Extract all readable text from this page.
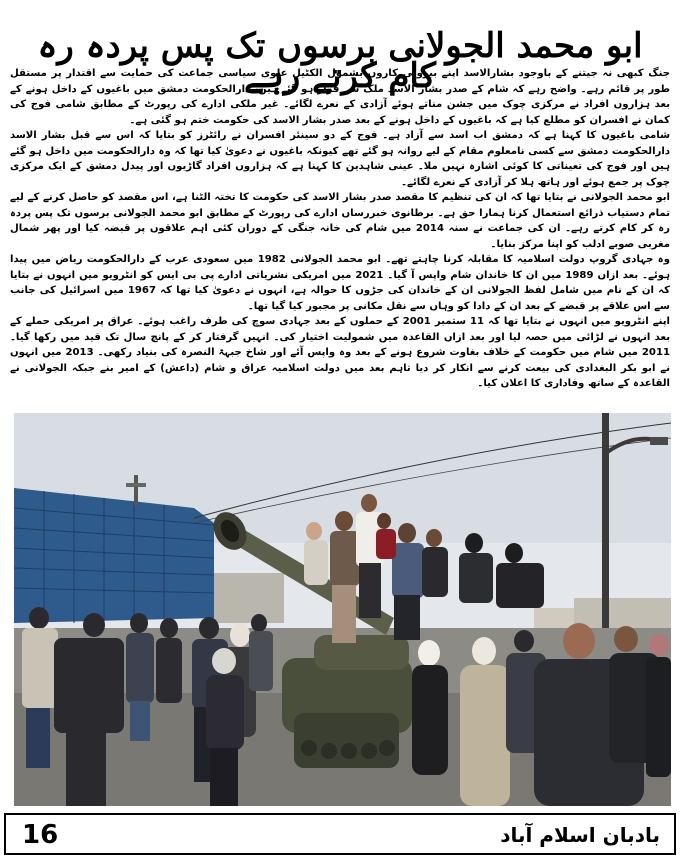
ابو محمد الجولانی برسوں تک پس پردہ رہ کام کرتے رہے

جنگ کبھی نہ جیتنے کے باوجود بشارالاسد اپنے بیرونی کاروں بشمول الکٹیل علوی سیاسی جماعت کی حمایت سے اقتدار پر مستقل طور پر قائم رہے۔ واضح رہے کہ شام کے صدر بشار الاسد ملک سے فرار ہو گئے ہیں، دارالحکومت دمشق میں باغیوں کے داخل ہونے کے بعد ہزاروں افراد نے مرکزی چوک میں جشن مناتے ہوئے آزادی کے نعرے لگائے۔ غیر ملکی ادارے کی رپورٹ کے مطابق شامی فوج کی کمان نے افسران کو مطلع کیا ہے کہ باغیوں کے داخل ہونے کے بعد صدر بشار الاسد کی حکومت ختم ہو گئی ہے۔

شامی باغیوں کا کہنا ہے کہ دمشق اب اسد سے آزاد ہے۔ فوج کے دو سینئر افسران نے رائٹرز کو بتایا کہ اس سے قبل بشار الاسد دارالحکومت دمشق سے کسی نامعلوم مقام کے لیے روانہ ہو گئے تھے کیونکہ باغیوں نے دعویٰ کیا تھا کہ وہ دارالحکومت میں داخل ہو گئے ہیں اور فوج کی تعیناتی کا کوئی اشارہ نہیں ملا۔ عینی شاہدین کا کہنا ہے کہ ہزاروں افراد گاڑیوں اور پیدل دمشق کے ایک مرکزی چوک پر جمع ہوئے اور ہاتھ ہلا کر آزادی کے نعرے لگائے۔

ابو محمد الجولانی نے بتایا تھا کہ ان کی تنظیم کا مقصد صدر بشار الاسد کی حکومت کا تختہ الٹنا ہے، اس مقصد کو حاصل کرنے کے لیے تمام دستیاب ذرائع استعمال کرنا ہمارا حق ہے۔ برطانوی خبررساں ادارے کی رپورٹ کے مطابق ابو محمد الجولانی برسوں تک پس پردہ رہ کر کام کرتے رہے۔ ان کی جماعت نے سنہ 2014 میں شام کی خانہ جنگی کے دوران کئی اہم علاقوں پر قبضہ کیا اور پھر شمال مغربی صوبے ادلب کو اپنا مرکز بنایا۔

وہ جہادی گروپ دولت اسلامیہ کا مقابلہ کرنا چاہتے تھے۔ ابو محمد الجولانی 1982 میں سعودی عرب کے دارالحکومت ریاض میں پیدا ہوئے۔ بعد ازاں 1989 میں ان کا خاندان شام واپس آ گیا۔ 2021 میں امریکی نشریاتی ادارے پی بی ایس کو انٹرویو میں انہوں نے بتایا کہ ان کے نام میں شامل لفظ الجولانی ان کے خاندان کی جڑوں کا حوالہ ہے، انہوں نے دعویٰ کیا تھا کہ 1967 میں اسرائیل کی جانب سے اس علاقے پر قبضے کے بعد ان کے دادا کو وہاں سے نقل مکانی پر مجبور کیا گیا تھا۔

اپنے انٹرویو میں انہوں نے بتایا تھا کہ 11 ستمبر 2001 کے حملوں کے بعد جہادی سوچ کی طرف راغب ہوئے۔ عراق پر امریکی حملے کے بعد انہوں نے لڑائی میں حصہ لیا اور بعد ازاں القاعدہ میں شمولیت اختیار کی۔ انہیں گرفتار کر کے پانچ سال تک قید میں رکھا گیا۔ 2011 میں شام میں حکومت کے خلاف بغاوت شروع ہونے کے بعد وہ واپس آئے اور شاخ جبہۃ النصرہ کی بنیاد رکھی۔ 2013 میں انہوں نے ابو بکر البغدادی کی بیعت کرنے سے انکار کر دیا تاہم بعد میں دولت اسلامیہ عراق و شام (داعش) کے امیر بنے جبکہ الجولانی نے القاعدہ کے ساتھ وفاداری کا اعلان کیا۔

16	بادبان اسلام آباد
